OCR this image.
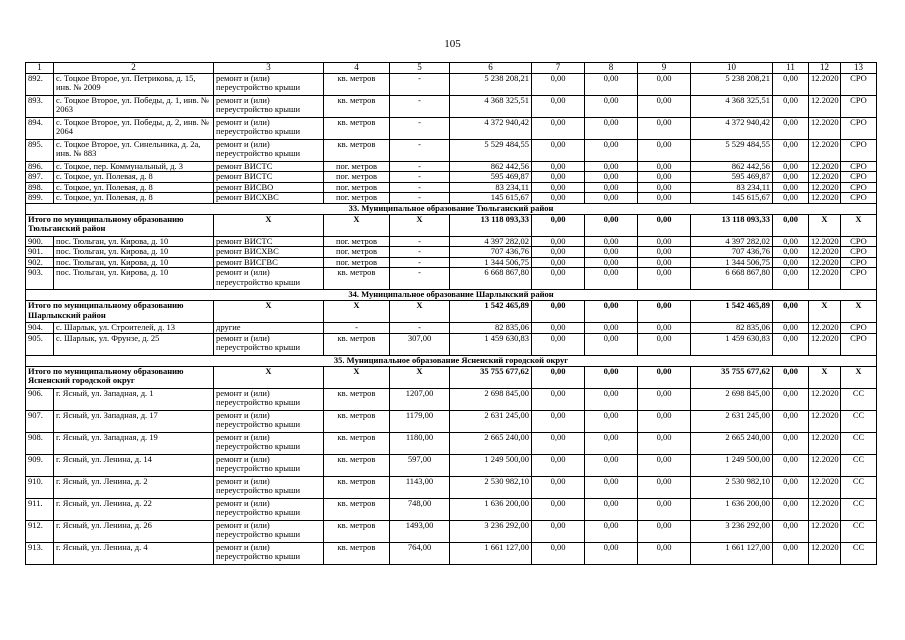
105
1	2	3	4	5	6	7	8	9	10	11	12	13
892.	с. Тоцкое Второе, ул. Петрикова, д. 15, инв. № 2009	ремонт и (или) переустройство крыши	кв. метров	-	5 238 208,21	0,00	0,00	0,00	5 238 208,21	0,00	12.2020	СРО
893.	с. Тоцкое Второе, ул. Победы, д. 1, инв. № 2063	ремонт и (или) переустройство крыши	кв. метров	-	4 368 325,51	0,00	0,00	0,00	4 368 325,51	0,00	12.2020	СРО
894.	с. Тоцкое Второе, ул. Победы, д. 2, инв. № 2064	ремонт и (или) переустройство крыши	кв. метров	-	4 372 940,42	0,00	0,00	0,00	4 372 940,42	0,00	12.2020	СРО
895.	с. Тоцкое Второе, ул. Синельника, д. 2а, инв. № 883	ремонт и (или) переустройство крыши	кв. метров	-	5 529 484,55	0,00	0,00	0,00	5 529 484,55	0,00	12.2020	СРО
896.	с. Тоцкое, пер. Коммунальный, д. 3	ремонт ВИСТС	пог. метров	-	862 442,56	0,00	0,00	0,00	862 442,56	0,00	12.2020	СРО
897.	с. Тоцкое, ул. Полевая, д. 8	ремонт ВИСТС	пог. метров	-	595 469,87	0,00	0,00	0,00	595 469,87	0,00	12.2020	СРО
898.	с. Тоцкое, ул. Полевая, д. 8	ремонт ВИСВО	пог. метров	-	83 234,11	0,00	0,00	0,00	83 234,11	0,00	12.2020	СРО
899.	с. Тоцкое, ул. Полевая, д. 8	ремонт ВИСХВС	пог. метров	-	145 615,67	0,00	0,00	0,00	145 615,67	0,00	12.2020	СРО
33. Муниципальное образование Тюльганский район												
Итого по муниципальному образованию Тюльганский район		X	X	X	13 118 093,33	0,00	0,00	0,00	13 118 093,33	0,00	X	X
900.	пос. Тюльган, ул. Кирова, д. 10	ремонт ВИСТС	пог. метров	-	4 397 282,02	0,00	0,00	0,00	4 397 282,02	0,00	12.2020	СРО
901.	пос. Тюльган, ул. Кирова, д. 10	ремонт ВИСХВС	пог. метров	-	707 436,76	0,00	0,00	0,00	707 436,76	0,00	12.2020	СРО
902.	пос. Тюльган, ул. Кирова, д. 10	ремонт ВИСГВС	пог. метров	-	1 344 506,75	0,00	0,00	0,00	1 344 506,75	0,00	12.2020	СРО
903.	пос. Тюльган, ул. Кирова, д. 10	ремонт и (или) переустройство крыши	кв. метров	-	6 668 867,80	0,00	0,00	0,00	6 668 867,80	0,00	12.2020	СРО
34. Муниципальное образование Шарлыкский район												
Итого по муниципальному образованию Шарлыкский район		X	X	X	1 542 465,89	0,00	0,00	0,00	1 542 465,89	0,00	X	X
904.	с. Шарлык, ул. Строителей, д. 13	другие	-	-	82 835,06	0,00	0,00	0,00	82 835,06	0,00	12.2020	СРО
905.	с. Шарлык, ул. Фрунзе, д. 25	ремонт и (или) переустройство крыши	кв. метров	307,00	1 459 630,83	0,00	0,00	0,00	1 459 630,83	0,00	12.2020	СРО
35. Муниципальное образование Ясненский городской округ												
Итого по муниципальному образованию Ясненский городской округ		X	X	X	35 755 677,62	0,00	0,00	0,00	35 755 677,62	0,00	X	X
906.	г. Ясный, ул. Западная, д. 1	ремонт и (или) переустройство крыши	кв. метров	1207,00	2 698 845,00	0,00	0,00	0,00	2 698 845,00	0,00	12.2020	СС
907.	г. Ясный, ул. Западная, д. 17	ремонт и (или) переустройство крыши	кв. метров	1179,00	2 631 245,00	0,00	0,00	0,00	2 631 245,00	0,00	12.2020	СС
908.	г. Ясный, ул. Западная, д. 19	ремонт и (или) переустройство крыши	кв. метров	1180,00	2 665 240,00	0,00	0,00	0,00	2 665 240,00	0,00	12.2020	СС
909.	г. Ясный, ул. Ленина, д. 14	ремонт и (или) переустройство крыши	кв. метров	597,00	1 249 500,00	0,00	0,00	0,00	1 249 500,00	0,00	12.2020	СС
910.	г. Ясный, ул. Ленина, д. 2	ремонт и (или) переустройство крыши	кв. метров	1143,00	2 530 982,10	0,00	0,00	0,00	2 530 982,10	0,00	12.2020	СС
911.	г. Ясный, ул. Ленина, д. 22	ремонт и (или) переустройство крыши	кв. метров	748,00	1 636 200,00	0,00	0,00	0,00	1 636 200,00	0,00	12.2020	СС
912.	г. Ясный, ул. Ленина, д. 26	ремонт и (или) переустройство крыши	кв. метров	1493,00	3 236 292,00	0,00	0,00	0,00	3 236 292,00	0,00	12.2020	СС
913.	г. Ясный, ул. Ленина, д. 4	ремонт и (или) переустройство крыши	кв. метров	764,00	1 661 127,00	0,00	0,00	0,00	1 661 127,00	0,00	12.2020	СС
